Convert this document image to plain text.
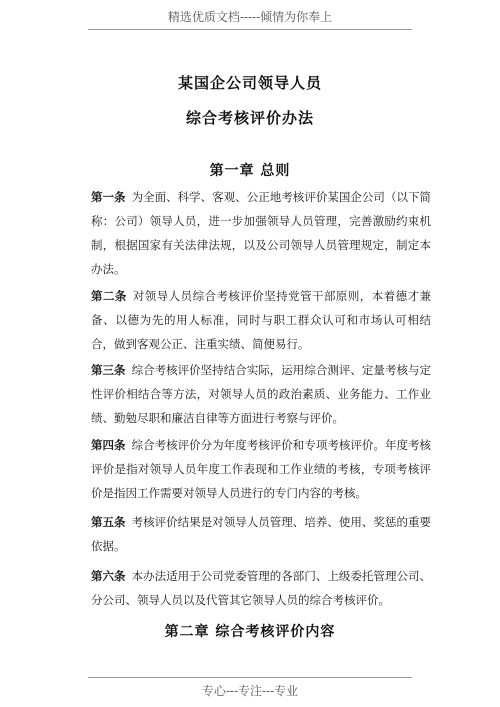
精选优质文档-----倾情为你奉上
某国企公司领导人员
综合考核评价办法
第一章 总则

第一条 为全面、科学、客观、公正地考核评价某国企公司（以下简称：公司）领导人员，进一步加强领导人员管理，完善激励约束机制，根据国家有关法律法规，以及公司领导人员管理规定，制定本办法。

第二条 对领导人员综合考核评价坚持党管干部原则，本着德才兼备、以德为先的用人标准，同时与职工群众认可和市场认可相结合，做到客观公正、注重实绩、简便易行。

第三条 综合考核评价坚持结合实际，运用综合测评、定量考核与定性评价相结合等方法，对领导人员的政治素质、业务能力、工作业绩、勤勉尽职和廉洁自律等方面进行考察与评价。

第四条 综合考核评价分为年度考核评价和专项考核评价。年度考核评价是指对领导人员年度工作表现和工作业绩的考核，专项考核评价是指因工作需要对领导人员进行的专门内容的考核。

第五条 考核评价结果是对领导人员管理、培养、使用、奖惩的重要依据。

第六条 本办法适用于公司党委管理的各部门、上级委托管理公司、分公司、领导人员以及代管其它领导人员的综合考核评价。

第二章 综合考核评价内容
专心---专注---专业
